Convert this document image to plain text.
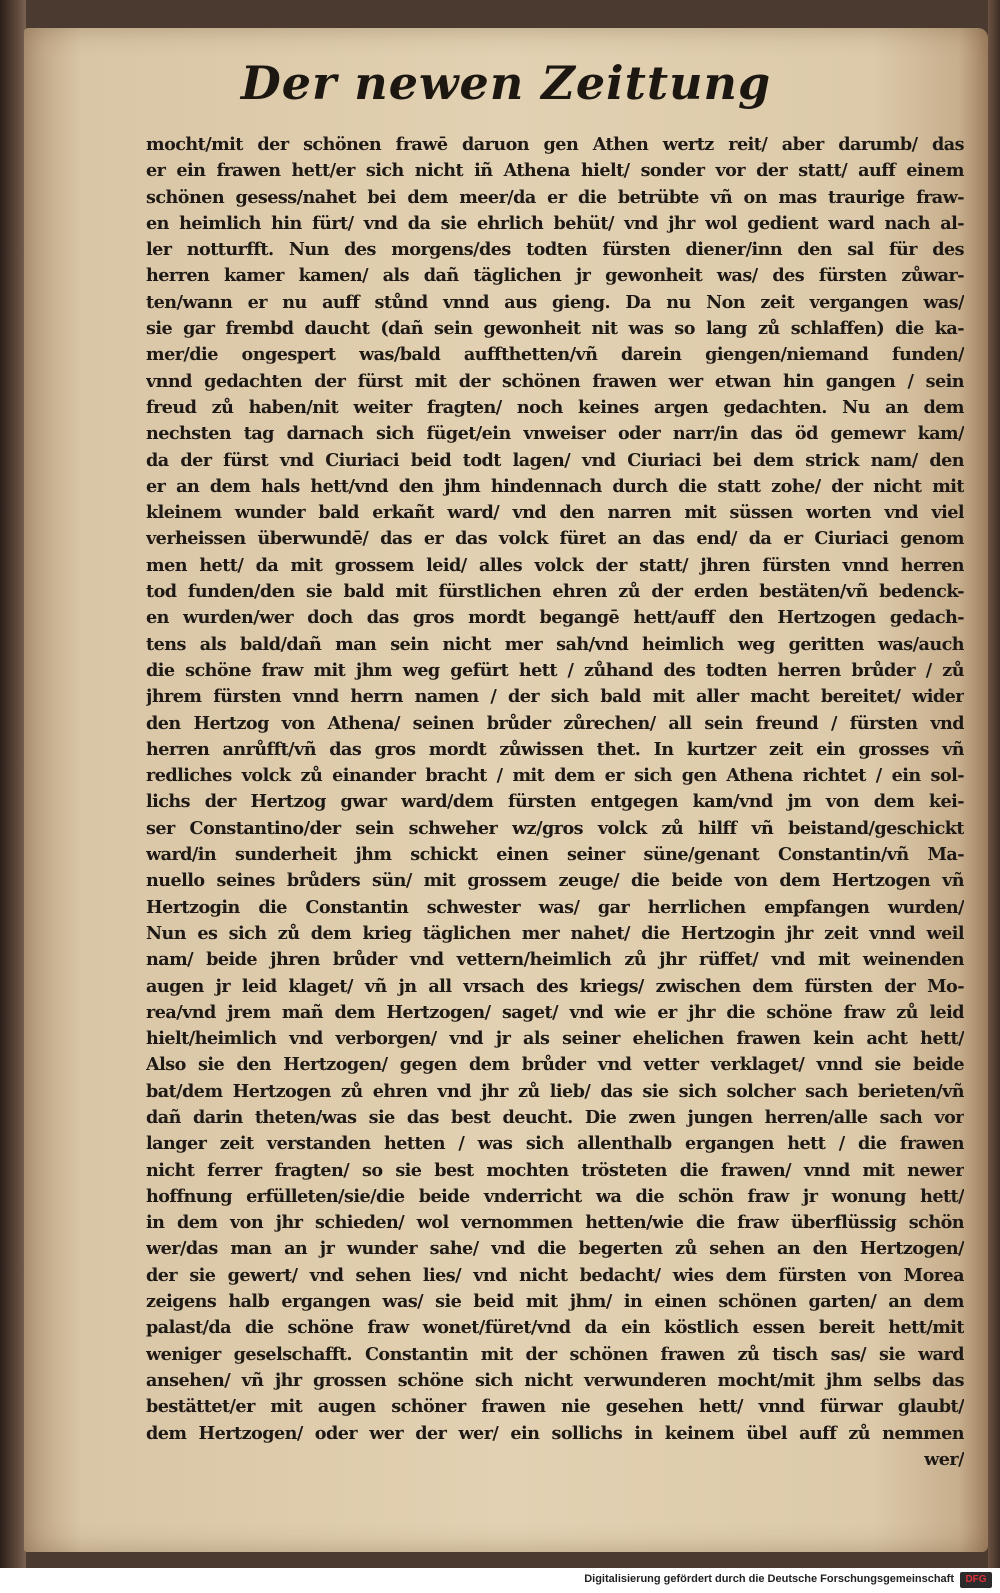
Der newen Zeittung
mocht/mit der schönen frawē daruon gen Athen wertz reit/ aber darumb/ das
er ein frawen hett/er sich nicht iñ Athena hielt/ sonder vor der statt/ auff einem
schönen gesess/nahet bei dem meer/da er die betrübte vñ on mas traurige fraw-
en heimlich hin fürt/ vnd da sie ehrlich behüt/ vnd jhr wol gedient ward nach al-
ler notturfft. Nun des morgens/des todten fürsten diener/inn den sal für des
herren kamer kamen/ als dañ täglichen jr gewonheit was/ des fürsten zůwar-
ten/wann er nu auff stůnd vnnd aus gieng. Da nu Non zeit vergangen was/
sie gar frembd daucht (dañ sein gewonheit nit was so lang zů schlaffen) die ka-
mer/die ongespert was/bald auffthetten/vñ darein giengen/niemand funden/
vnnd gedachten der fürst mit der schönen frawen wer etwan hin gangen / sein
freud zů haben/nit weiter fragten/ noch keines argen gedachten. Nu an dem
nechsten tag darnach sich füget/ein vnweiser oder narr/in das öd gemewr kam/
da der fürst vnd Ciuriaci beid todt lagen/ vnd Ciuriaci bei dem strick nam/ den
er an dem hals hett/vnd den jhm hindennach durch die statt zohe/ der nicht mit
kleinem wunder bald erkañt ward/ vnd den narren mit süssen worten vnd viel
verheissen überwundē/ das er das volck füret an das end/ da er Ciuriaci genom
men hett/ da mit grossem leid/ alles volck der statt/ jhren fürsten vnnd herren
tod funden/den sie bald mit fürstlichen ehren zů der erden bestäten/vñ bedenck-
en wurden/wer doch das gros mordt begangē hett/auff den Hertzogen gedach-
tens als bald/dañ man sein nicht mer sah/vnd heimlich weg geritten was/auch
die schöne fraw mit jhm weg gefürt hett / zůhand des todten herren brůder / zů
jhrem fürsten vnnd herrn namen / der sich bald mit aller macht bereitet/ wider
den Hertzog von Athena/ seinen brůder zůrechen/ all sein freund / fürsten vnd
herren anrůfft/vñ das gros mordt zůwissen thet. In kurtzer zeit ein grosses vñ
redliches volck zů einander bracht / mit dem er sich gen Athena richtet / ein sol-
lichs der Hertzog gwar ward/dem fürsten entgegen kam/vnd jm von dem kei-
ser Constantino/der sein schweher wz/gros volck zů hilff vñ beistand/geschickt
ward/in sunderheit jhm schickt einen seiner süne/genant Constantin/vñ Ma-
nuello seines brůders sün/ mit grossem zeuge/ die beide von dem Hertzogen vñ
Hertzogin die Constantin schwester was/ gar herrlichen empfangen wurden/
Nun es sich zů dem krieg täglichen mer nahet/ die Hertzogin jhr zeit vnnd weil
nam/ beide jhren brůder vnd vettern/heimlich zů jhr rüffet/ vnd mit weinenden
augen jr leid klaget/ vñ jn all vrsach des kriegs/ zwischen dem fürsten der Mo-
rea/vnd jrem mañ dem Hertzogen/ saget/ vnd wie er jhr die schöne fraw zů leid
hielt/heimlich vnd verborgen/ vnd jr als seiner ehelichen frawen kein acht hett/
Also sie den Hertzogen/ gegen dem brůder vnd vetter verklaget/ vnnd sie beide
bat/dem Hertzogen zů ehren vnd jhr zů lieb/ das sie sich solcher sach berieten/vñ
dañ darin theten/was sie das best deucht. Die zwen jungen herren/alle sach vor
langer zeit verstanden hetten / was sich allenthalb ergangen hett / die frawen
nicht ferrer fragten/ so sie best mochten trösteten die frawen/ vnnd mit newer
hoffnung erfülleten/sie/die beide vnderricht wa die schön fraw jr wonung hett/
in dem von jhr schieden/ wol vernommen hetten/wie die fraw überflüssig schön
wer/das man an jr wunder sahe/ vnd die begerten zů sehen an den Hertzogen/
der sie gewert/ vnd sehen lies/ vnd nicht bedacht/ wies dem fürsten von Morea
zeigens halb ergangen was/ sie beid mit jhm/ in einen schönen garten/ an dem
palast/da die schöne fraw wonet/füret/vnd da ein köstlich essen bereit hett/mit
weniger geselschafft. Constantin mit der schönen frawen zů tisch sas/ sie ward
ansehen/ vñ jhr grossen schöne sich nicht verwunderen mocht/mit jhm selbs das
bestättet/er mit augen schöner frawen nie gesehen hett/ vnnd fürwar glaubt/
dem Hertzogen/ oder wer der wer/ ein sollichs in keinem übel auff zů nemmen
wer/
Digitalisierung gefördert durch die Deutsche Forschungsgemeinschaft	DFG
